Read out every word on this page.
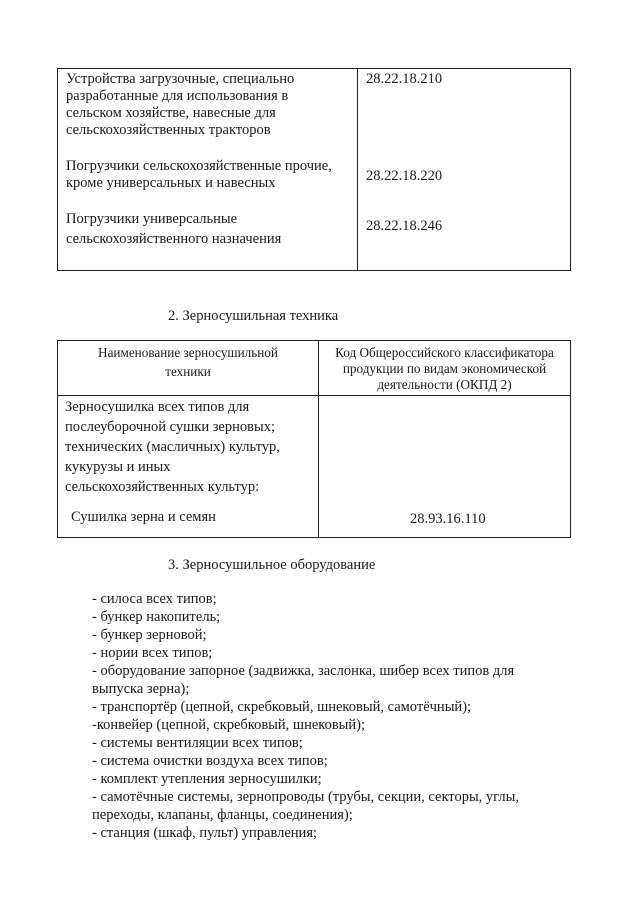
Устройства загрузочные, специально
разработанные для использования в
сельском хозяйстве, навесные для
сельскохозяйственных тракторов
28.22.18.210
Погрузчики сельскохозяйственные прочие,
кроме универсальных и навесных	28.22.18.220
Погрузчики универсальные
сельскохозяйственного назначения
28.22.18.246
2. Зерносушильная техника
Наименование зерносушильной
техники
Код Общероссийского классификатора
продукции по видам экономической
деятельности (ОКПД 2)
Зерносушилка всех типов для
послеуборочной сушки зерновых;
технических (масличных) культур,
кукурузы и иных
сельскохозяйственных культур:
Сушилка зерна и семян	28.93.16.110
3. Зерносушильное оборудование
- силоса всех типов;
- бункер накопитель;
- бункер зерновой;
- нории всех типов;
- оборудование запорное (задвижка, заслонка, шибер всех типов для
выпуска зерна);
- транспортёр (цепной, скребковый, шнековый, самотёчный);
-конвейер (цепной, скребковый, шнековый);
- системы вентиляции всех типов;
- система очистки воздуха всех типов;
- комплект утепления зерносушилки;
- самотёчные системы, зернопроводы (трубы, секции, секторы, углы,
переходы, клапаны, фланцы, соединения);
- станция (шкаф, пульт) управления;
